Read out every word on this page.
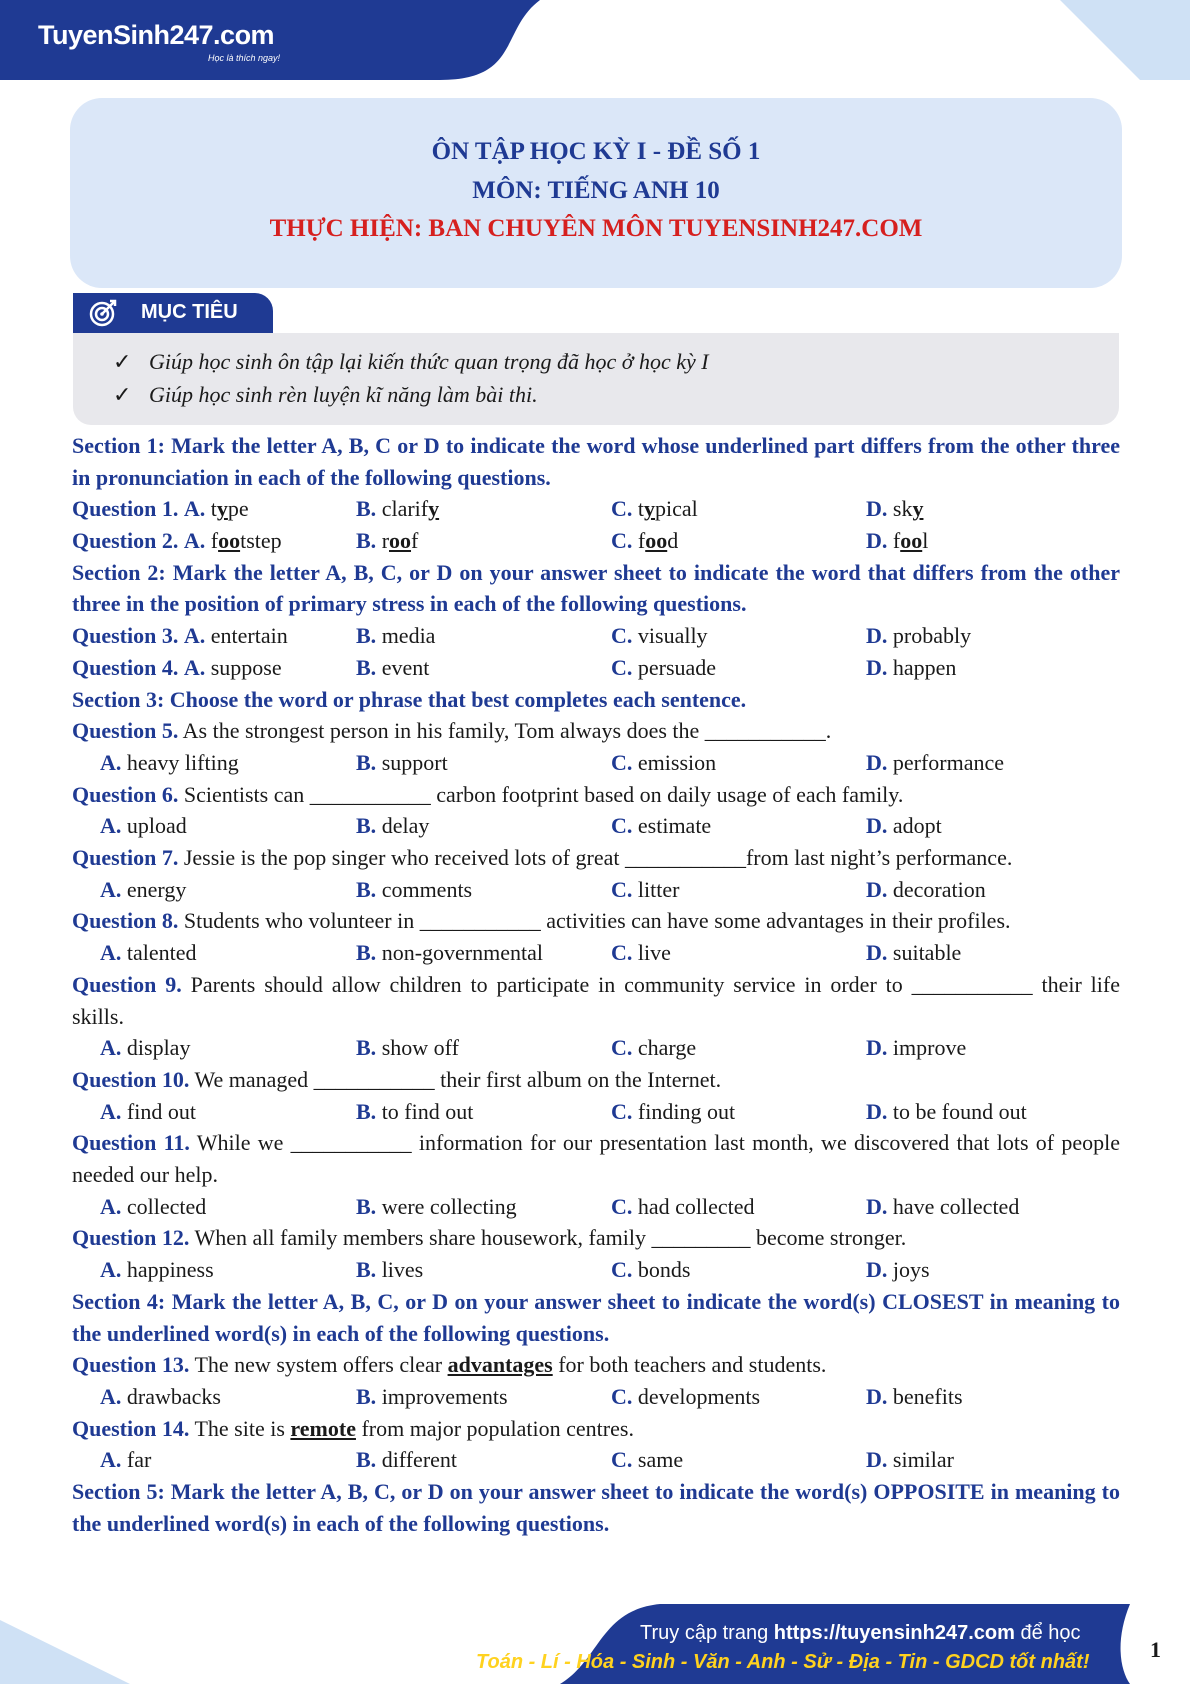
TuyenSinh247.com
Học là thích ngay!
ÔN TẬP HỌC KỲ I - ĐỀ SỐ 1
MÔN: TIẾNG ANH 10
THỰC HIỆN: BAN CHUYÊN MÔN TUYENSINH247.COM
MỤC TIÊU
✓ Giúp học sinh ôn tập lại kiến thức quan trọng đã học ở học kỳ I
✓ Giúp học sinh rèn luyện kĩ năng làm bài thi.
Section 1: Mark the letter A, B, C or D to indicate the word whose underlined part differs from the other three in pronunciation in each of the following questions.
Question 1. A. type	B. clarify	C. typical	D. sky
Question 2. A. footstep	B. roof	C. food	D. fool
Section 2: Mark the letter A, B, C, or D on your answer sheet to indicate the word that differs from the other three in the position of primary stress in each of the following questions.
Question 3. A. entertain	B. media	C. visually	D. probably
Question 4. A. suppose	B. event	C. persuade	D. happen
Section 3: Choose the word or phrase that best completes each sentence.
Question 5. As the strongest person in his family, Tom always does the ___________.
A. heavy lifting	B. support	C. emission	D. performance
Question 6. Scientists can ___________ carbon footprint based on daily usage of each family.
A. upload	B. delay	C. estimate	D. adopt
Question 7. Jessie is the pop singer who received lots of great ___________from last night’s performance.
A. energy	B. comments	C. litter	D. decoration
Question 8. Students who volunteer in ___________ activities can have some advantages in their profiles.
A. talented	B. non-governmental	C. live	D. suitable
Question 9. Parents should allow children to participate in community service in order to ___________ their life skills.
A. display	B. show off	C. charge	D. improve
Question 10. We managed ___________ their first album on the Internet.
A. find out	B. to find out	C. finding out	D. to be found out
Question 11. While we ___________ information for our presentation last month, we discovered that lots of people needed our help.
A. collected	B. were collecting	C. had collected	D. have collected
Question 12. When all family members share housework, family _________ become stronger.
A. happiness	B. lives	C. bonds	D. joys
Section 4: Mark the letter A, B, C, or D on your answer sheet to indicate the word(s) CLOSEST in meaning to the underlined word(s) in each of the following questions.
Question 13. The new system offers clear advantages for both teachers and students.
A. drawbacks	B. improvements	C. developments	D. benefits
Question 14. The site is remote from major population centres.
A. far	B. different	C. same	D. similar
Section 5: Mark the letter A, B, C, or D on your answer sheet to indicate the word(s) OPPOSITE in meaning to the underlined word(s) in each of the following questions.
Truy cập trang https://tuyensinh247.com để học
Toán - Lí - Hóa - Sinh - Văn - Anh - Sử - Địa - Tin - GDCD tốt nhất!	1
